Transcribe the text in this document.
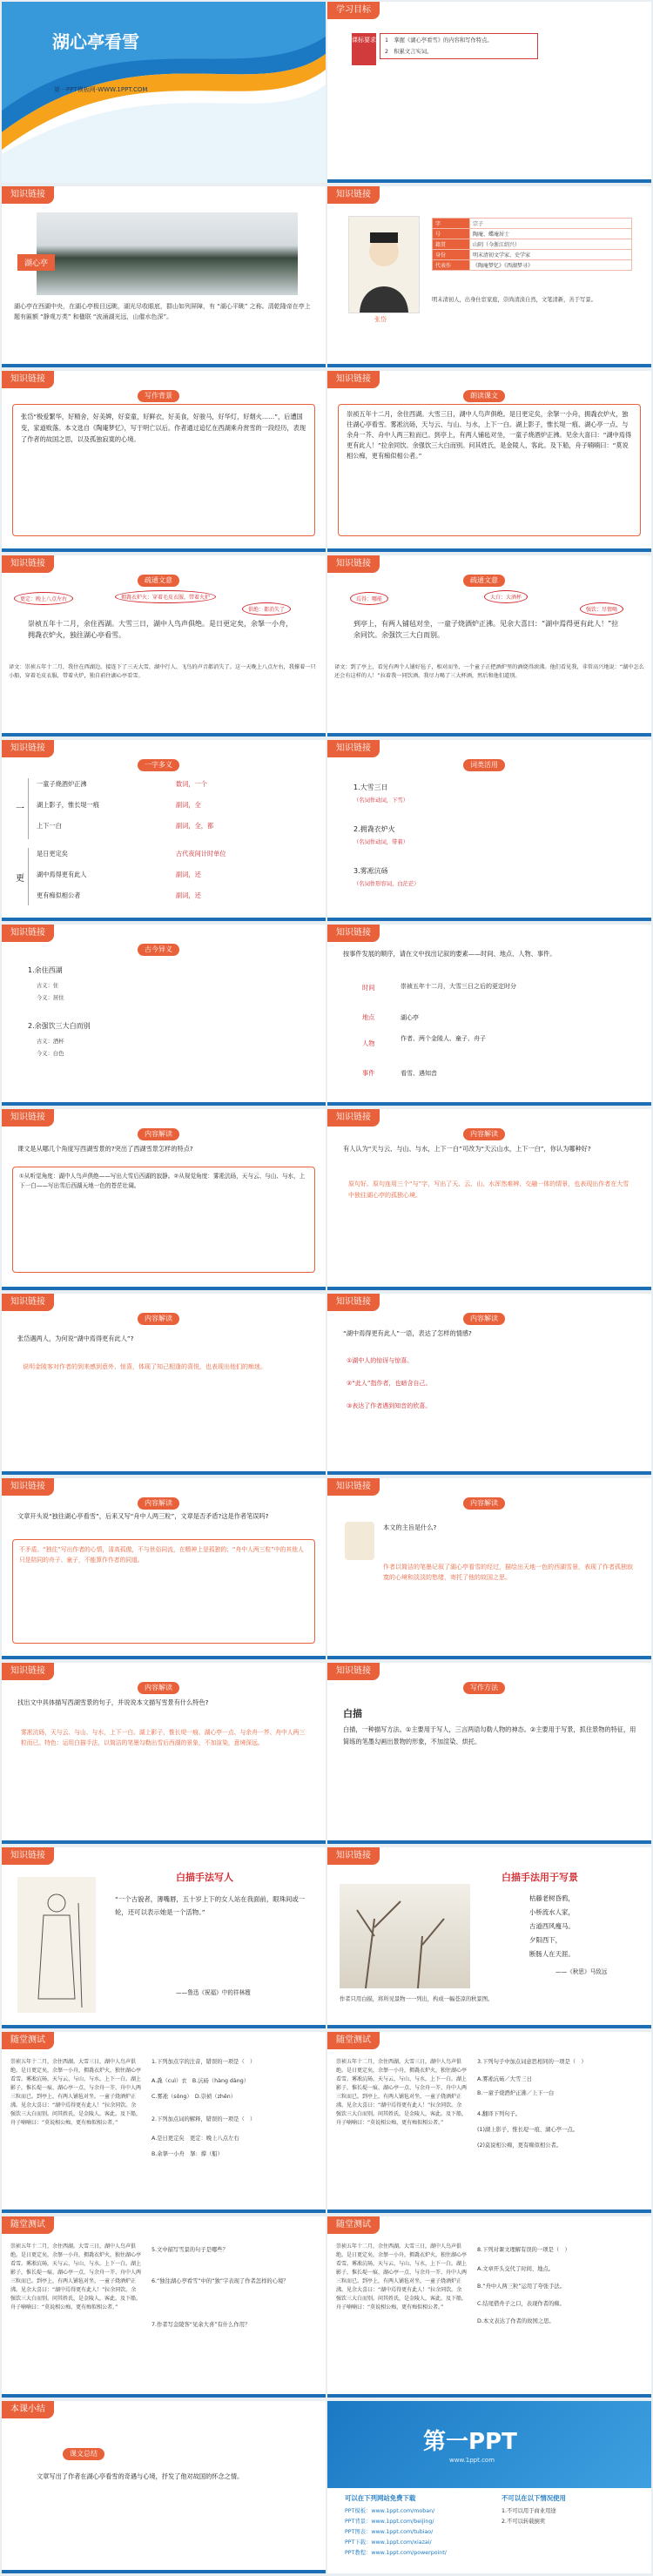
湖心亭看雪
第一PPT模板网-WWW.1PPT.COM
学习目标
课标要求 1　 掌握《湖心亭看雪》的内容和写作特点。
2　 积累文言实词。
知识链接
湖心亭
湖心亭在西湖中央，在湖心亭极目远眺，湖光尽收眼底，群山如列屏障，有 “湖心平眺” 之称。清乾隆帝在亭上题有匾额 “静观万类” 和楹联 “波涌湖光远，山催水色深”。
知识链接
张岱
字	宗子
号	陶庵、蝶庵居士
籍贯	山阴（今浙江绍兴）
身份	明末清初文学家、史学家
代表作	《陶庵梦忆》《西湖梦寻》
明末清初人，出身仕宦家庭，崇尚清淡自然，文笔清新，善于写景。
知识链接
写作背景
张岱“极爱繁华，好精舍，好美婢，好娈童，好鲜衣，好美食，好骏马，好华灯，好烟火……”，后遭国变，家道败落。本文选自《陶庵梦忆》，写于明亡以后。作者通过追忆在西湖乘舟赏雪的一段经历，表现了作者的故国之思，以及孤独寂寞的心境。
知识链接
朗读课文
崇祯五年十二月，余住西湖。大雪三日，湖中人鸟声俱绝。是日更定矣，余拏一小舟，拥毳衣炉火，独往湖心亭看雪。雾凇沆砀，天与云、与山、与水，上下一白。湖上影子，惟长堤一痕、湖心亭一点、与余舟一芥、舟中人两三粒而已。到亭上，有两人铺毡对坐，一童子烧酒炉正沸。见余大喜曰：“湖中焉得更有此人！”拉余同饮。余强饮三大白而别。问其姓氏，是金陵人，客此。及下船，舟子喃喃曰：“莫说相公痴，更有痴似相公者。”
知识链接
疏通文意
更定：晚上八点左右	拥毳衣炉火：穿着毛皮衣服，带着火炉
俱绝：都消失了
崇祯五年十二月，余住西湖。大雪三日，湖中人鸟声俱绝。是日更定矣，余拏一小舟，拥毳衣炉火，独往湖心亭看雪。
译文：崇祯五年十二月，我住在西湖边。接连下了三天大雪，湖中行人、飞鸟的声音都消失了。这一天晚上八点左右，我撑着一只小船，穿着毛皮衣服，带着火炉，独自前往湖心亭看雪。
知识链接
疏通文意
焉得：哪能	大白：大酒杯
强饮：尽情喝
到亭上，有两人铺毡对坐，一童子烧酒炉正沸。见余大喜曰：“湖中焉得更有此人！”拉余同饮。余强饮三大白而别。
译文：到了亭上，看见有两个人铺好毡子，相对而坐，一个童子正把酒炉里的酒烧得滚沸。他们看见我，非常高兴地说：“湖中怎么还会有这样的人！”拉着我一同饮酒。我尽力喝了三大杯酒，然后和他们道别。
知识链接
一字多义
一
更
一童子烧酒炉正沸	数词，一个
湖上影子，惟长堤一痕	副词，全
上下一白	副词，全，都
是日更定矣	古代夜间计时单位
湖中焉得更有此人	副词，还
更有痴似相公者	副词，还
知识链接
词类活用
1.大雪三日
（名词作动词，下雪）
2.拥毳衣炉火
（名词作动词，带着）
3.雾凇沆砀
（名词作形容词，白茫茫）
知识链接
古今异义
1.余住西湖
古义：住
今义：居住
2.余强饮三大白而别
古义：酒杯
今义：白色
知识链接
按事件发展的顺序，请在文中找出记叙的要素——时间、地点、人物、事件。
时间	崇祯五年十二月，大雪三日之后的更定时分
地点	湖心亭
人物
作者、两个金陵人、童子、舟子
事件	看雪、遇知音
知识链接
内容解读
课文是从哪几个角度写西湖雪景的?突出了西湖雪景怎样的特点?
①从听觉角度：湖中人鸟声俱绝——写出大雪后西湖的寂静。②从视觉角度：雾凇沆砀，天与云、与山、与水，上下一白——写出雪后西湖天地一色的苍茫壮阔。
知识链接
内容解读
有人认为“天与云、与山、与水，上下一白”可改为“天云山水，上下一白”，你认为哪种好?
原句好。原句连用三个“与”字，写出了天、云、山、水浑然难辨、交融一体的情景，也表现出作者在大雪中独往湖心亭的孤独心境。
知识链接
内容解读
张岱遇两人，为何说“湖中焉得更有此人”?
说明金陵客对作者的到来感到意外、惊喜，体现了知己相逢的喜悦，也表现出他们的痴迷。
知识链接
内容解读
“湖中焉得更有此人”一语，表达了怎样的情感?
①湖中人的惊讶与惊喜。
②“此人”指作者，也暗含自己。
③表达了作者遇到知音的欣喜。
知识链接
内容解读
文章开头说“独往湖心亭看雪”，后来又写“舟中人两三粒”，文章是否矛盾?这是作者笔误吗?
不矛盾。“独往”写出作者的心情，清高孤傲，不与世俗同流，在精神上是孤独的；“舟中人两三粒”中的其他人只是陪同的舟子、童子，不能算作作者的同道。
知识链接
内容解读
本文的主旨是什么?
作者以简洁的笔墨记叙了湖心亭看雪的经过，描绘出天地一色的西湖雪景，表现了作者孤独寂寞的心境和淡淡的愁绪，寄托了他的故国之思。
知识链接
内容解读
找出文中具体描写西湖雪景的句子，并说说本文描写雪景有什么特色?
雾凇沆砀，天与云、与山、与水，上下一白。湖上影子，惟长堤一痕、湖心亭一点、与余舟一芥、舟中人两三粒而已。特色：运用白描手法，以简洁的笔墨勾勒出雪后西湖的景象，不加渲染，意境深远。
知识链接
写作方法
白描
白描，一种描写方法。①主要用于写人，三言两语勾勒人物的神态。②主要用于写景，抓住景物的特征，用简练的笔墨勾画出景物的形象，不加渲染、烘托。
知识链接
白描手法写人
“一个古貌者，薄嘴唇，五十岁上下的女人站在我面前，眼珠间或一轮，还可以表示她是一个活物。”
——鲁迅《祝福》中的祥林嫂
知识链接
白描手法用于写景
枯藤老树昏鸦，
小桥流水人家，
古道西风瘦马。
夕阳西下，
断肠人在天涯。
——《秋思》马致远
作者只用白描，将所见景物一一列出，构成一幅苍凉的秋景图。
随堂测试
崇祯五年十二月，余住西湖。大雪三日，湖中人鸟声俱绝。是日更定矣，余拏一小舟，拥毳衣炉火，独往湖心亭看雪。雾凇沆砀，天与云、与山、与水，上下一白。湖上影子，惟长堤一痕、湖心亭一点、与余舟一芥、舟中人两三粒而已。到亭上，有两人铺毡对坐，一童子烧酒炉正沸。见余大喜曰：“湖中焉得更有此人！”拉余同饮。余强饮三大白而别。问其姓氏，是金陵人，客此。及下船，舟子喃喃曰：“莫说相公痴，更有痴似相公者。”
1.下列加点字的注音，错误的一项是（　）
A.毳（cuì）衣　B.沆砀（hàng dàng）
C.雾凇（sōng）　D.崇祯（zhēn）
2.下列加点词的解释，错误的一项是（　）
A.是日更定矣　更定：晚上八点左右
B.余拏一小舟　拏：撑（船）
随堂测试
崇祯五年十二月，余住西湖。大雪三日，湖中人鸟声俱绝。是日更定矣，余拏一小舟，拥毳衣炉火，独往湖心亭看雪。雾凇沆砀，天与云、与山、与水，上下一白。湖上影子，惟长堤一痕、湖心亭一点、与余舟一芥、舟中人两三粒而已。到亭上，有两人铺毡对坐，一童子烧酒炉正沸。见余大喜曰：“湖中焉得更有此人！”拉余同饮。余强饮三大白而别。问其姓氏，是金陵人，客此。及下船，舟子喃喃曰：“莫说相公痴，更有痴似相公者。”
3.下列句子中加点词意思相同的一项是（　）
A.雾凇沆砀／大雪三日
B.一童子烧酒炉正沸／上下一白
4.翻译下列句子。
(1)湖上影子，惟长堤一痕、湖心亭一点。
(2)莫说相公痴，更有痴似相公者。
随堂测试
崇祯五年十二月，余住西湖。大雪三日，湖中人鸟声俱绝。是日更定矣，余拏一小舟，拥毳衣炉火，独往湖心亭看雪。雾凇沆砀，天与云、与山、与水，上下一白。湖上影子，惟长堤一痕、湖心亭一点、与余舟一芥、舟中人两三粒而已。到亭上，有两人铺毡对坐，一童子烧酒炉正沸。见余大喜曰：“湖中焉得更有此人！”拉余同饮。余强饮三大白而别。问其姓氏，是金陵人，客此。及下船，舟子喃喃曰：“莫说相公痴，更有痴似相公者。”
5.文中描写雪景的句子是哪些？
6.“独往湖心亭看雪”中的“独”字表现了作者怎样的心境？
7.作者写金陵客“见余大喜”有什么作用？
随堂测试
崇祯五年十二月，余住西湖。大雪三日，湖中人鸟声俱绝。是日更定矣，余拏一小舟，拥毳衣炉火，独往湖心亭看雪。雾凇沆砀，天与云、与山、与水，上下一白。湖上影子，惟长堤一痕、湖心亭一点、与余舟一芥、舟中人两三粒而已。到亭上，有两人铺毡对坐，一童子烧酒炉正沸。见余大喜曰：“湖中焉得更有此人！”拉余同饮。余强饮三大白而别。问其姓氏，是金陵人，客此。及下船，舟子喃喃曰：“莫说相公痴，更有痴似相公者。”
8.下列对课文理解有误的一项是（　）
A.文章开头交代了时间、地点。
B.“舟中人两三粒”运用了夸张手法。
C.结尾借舟子之口，表现作者的痴。
D.本文表达了作者的故国之思。
本课小结
课文总结
文章写出了作者在湖心亭看雪的奇遇与心境，抒发了他对故国的怀念之情。
第一PPT
www.1ppt.com
可以在下列网站免费下载	不可以在以下情况使用
PPT模板：www.1ppt.com/moban/
PPT背景：www.1ppt.com/beijing/
PPT图表：www.1ppt.com/tubiao/
PPT下载：www.1ppt.com/xiazai/
PPT教程：www.1ppt.com/powerpoint/
1.不可以用于商业用途
2.不可以转载倒卖
